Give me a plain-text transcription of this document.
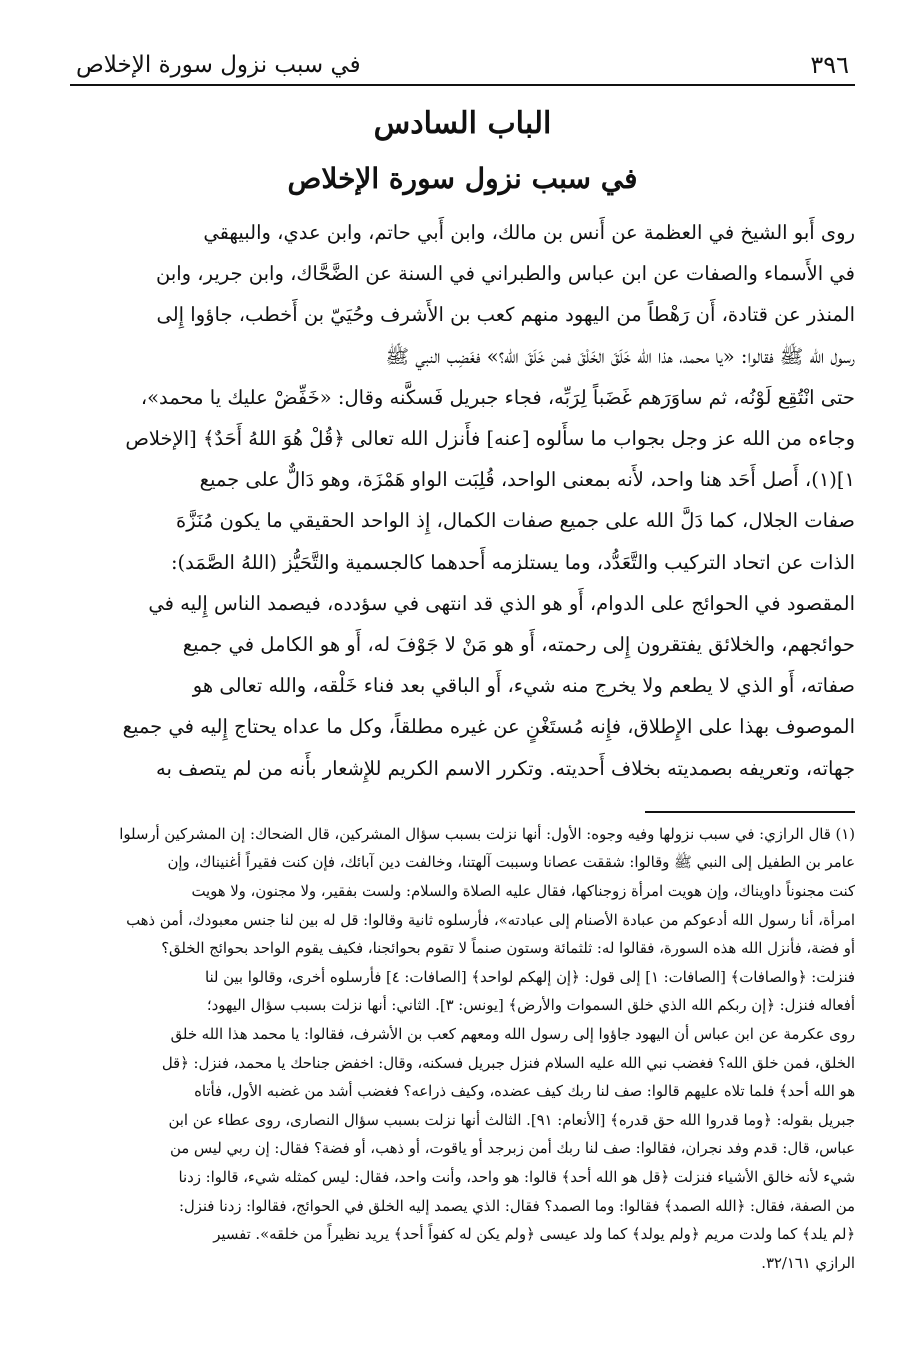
٣٩٦
في سبب نزول سورة الإخلاص
الباب السادس
في سبب نزول سورة الإخلاص
روى أَبو الشيخ في العظمة عن أَنس بن مالك، وابن أَبي حاتم، وابن عدي، والبيهقي
في الأَسماء والصفات عن ابن عباس والطبراني في السنة عن الضَّحَّاك، وابن جرير، وابن
المنذر عن قتادة، أَن رَهْطاً من اليهود منهم كعب بن الأَشرف وحُيَيّ بن أَخطب، جاؤوا إِلى
رسول الله ﷺ فقالوا: «يا محمد، هذا الله خَلَقَ الخَلْقَ فمن خَلَقَ الله؟» فغَضِب النبي ﷺ
حتى انْتُقِع لَوْنُه، ثم ساوَرَهم غَضَباً لِرَبِّه، فجاء جبريل فَسكَّنه وقال: «خَفِّضْ عليك يا محمد»،
وجاءه من الله عز وجل بجواب ما سأَلوه [عنه] فأَنزل الله تعالى ﴿قُلْ هُوَ اللهُ أَحَدٌ﴾ [الإخلاص
١](١)، أَصل أَحَد هنا واحد، لأَنه بمعنى الواحد، قُلِبَت الواو هَمْزَة، وهو دَالٌّ على جميع
صفات الجلال، كما دَلَّ الله على جميع صفات الكمال، إِذ الواحد الحقيقي ما يكون مُنَزَّهَ
الذات عن اتحاد التركيب والتَّعَدُّد، وما يستلزمه أَحدهما كالجسمية والتَّحَيُّز (اللهُ الصَّمَد):
المقصود في الحوائج على الدوام، أَو هو الذي قد انتهى في سؤدده، فيصمد الناس إِليه في
حوائجهم، والخلائق يفتقرون إِلى رحمته، أَو هو مَنْ لا جَوْفَ له، أَو هو الكامل في جميع
صفاته، أَو الذي لا يطعم ولا يخرج منه شيء، أَو الباقي بعد فناء خَلْقه، والله تعالى هو
الموصوف بهذا على الإِطلاق، فإِنه مُستَغْنٍ عن غيره مطلقاً، وكل ما عداه يحتاج إِليه في جميع
جهاته، وتعريفه بصمديته بخلاف أَحديته. وتكرر الاسم الكريم للإِشعار بأَنه من لم يتصف به
(١) قال الرازي: في سبب نزولها وفيه وجوه: الأول: أنها نزلت بسبب سؤال المشركين، قال الضحاك: إن المشركين أرسلوا
عامر بن الطفيل إلى النبي ﷺ وقالوا: شققت عصانا وسببت آلهتنا، وخالفت دين آبائك، فإن كنت فقيراً أغنيناك، وإن
كنت مجنوناً داويناك، وإن هويت امرأة زوجناكها، فقال عليه الصلاة والسلام: ولست بفقير، ولا مجنون، ولا هويت
امرأة، أنا رسول الله أدعوكم من عبادة الأصنام إلى عبادته»، فأرسلوه ثانية وقالوا: قل له بين لنا جنس معبودك، أمن ذهب
أو فضة، فأنزل الله هذه السورة، فقالوا له: ثلثمائة وستون صنماً لا تقوم بحوائجنا، فكيف يقوم الواحد بحوائج الخلق؟
فنزلت: ﴿والصافات﴾ [الصافات: ١] إلى قول: ﴿إن إلهكم لواحد﴾ [الصافات: ٤] فأرسلوه أخرى، وقالوا بين لنا
أفعاله فنزل: ﴿إن ربكم الله الذي خلق السموات والأرض﴾ [يونس: ٣]. الثاني: أنها نزلت بسبب سؤال اليهود؛
روى عكرمة عن ابن عباس أن اليهود جاؤوا إلى رسول الله ومعهم كعب بن الأشرف، فقالوا: يا محمد هذا الله خلق
الخلق، فمن خلق الله؟ فغضب نبي الله عليه السلام فنزل جبريل فسكنه، وقال: اخفض جناحك يا محمد، فنزل: ﴿قل
هو الله أحد﴾ فلما تلاه عليهم قالوا: صف لنا ربك كيف عضده، وكيف ذراعه؟ فغضب أشد من غضبه الأول، فأتاه
جبريل بقوله: ﴿وما قدروا الله حق قدره﴾ [الأنعام: ٩١]. الثالث أنها نزلت بسبب سؤال النصارى، روى عطاء عن ابن
عباس، قال: قدم وفد نجران، فقالوا: صف لنا ربك أمن زبرجد أو ياقوت، أو ذهب، أو فضة؟ فقال: إن ربي ليس من
شيء لأنه خالق الأشياء فنزلت ﴿قل هو الله أحد﴾ قالوا: هو واحد، وأنت واحد، فقال: ليس كمثله شيء، قالوا: زدنا
من الصفة، فقال: ﴿الله الصمد﴾ فقالوا: وما الصمد؟ فقال: الذي يصمد إليه الخلق في الحوائج، فقالوا: زدنا فنزل:
﴿لم يلد﴾ كما ولدت مريم ﴿ولم يولد﴾ كما ولد عيسى ﴿ولم يكن له كفواً أحد﴾ يريد نظيراً من خلقه». تفسير
الرازي ٣٢/١٦١.
